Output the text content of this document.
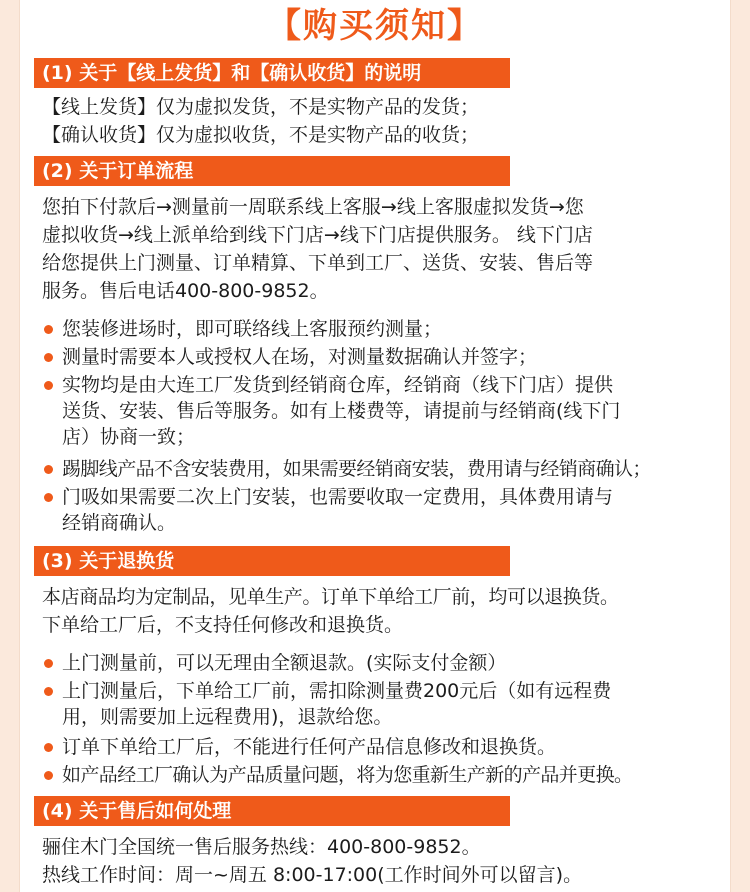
【购买须知】
(1) 关于【线上发货】和【确认收货】的说明

【线上发货】仅为虚拟发货，不是实物产品的发货；

【确认收货】仅为虚拟收货，不是实物产品的收货；

(2) 关于订单流程

您拍下付款后→测量前一周联系线上客服→线上客服虚拟发货→您

虚拟收货→线上派单给到线下门店→线下门店提供服务。 线下门店

给您提供上门测量、订单精算、下单到工厂、送货、安装、售后等

服务。售后电话400-800-9852。

您装修进场时，即可联络线上客服预约测量；
测量时需要本人或授权人在场，对测量数据确认并签字；
实物均是由大连工厂发货到经销商仓库，经销商（线下门店）提供
送货、安装、售后等服务。如有上楼费等，请提前与经销商(线下门
店）协商一致；
踢脚线产品不含安装费用，如果需要经销商安装，费用请与经销商确认；
门吸如果需要二次上门安装，也需要收取一定费用，具体费用请与
经销商确认。
(3) 关于退换货

本店商品均为定制品，见单生产。订单下单给工厂前，均可以退换货。

下单给工厂后，不支持任何修改和退换货。

上门测量前，可以无理由全额退款。(实际支付金额）
上门测量后，下单给工厂前，需扣除测量费200元后（如有远程费
用，则需要加上远程费用)，退款给您。
订单下单给工厂后，不能进行任何产品信息修改和退换货。
如产品经工厂确认为产品质量问题，将为您重新生产新的产品并更换。
(4) 关于售后如何处理

骊住木门全国统一售后服务热线：400-800-9852。

热线工作时间：周一~周五 8:00-17:00(工作时间外可以留言)。
